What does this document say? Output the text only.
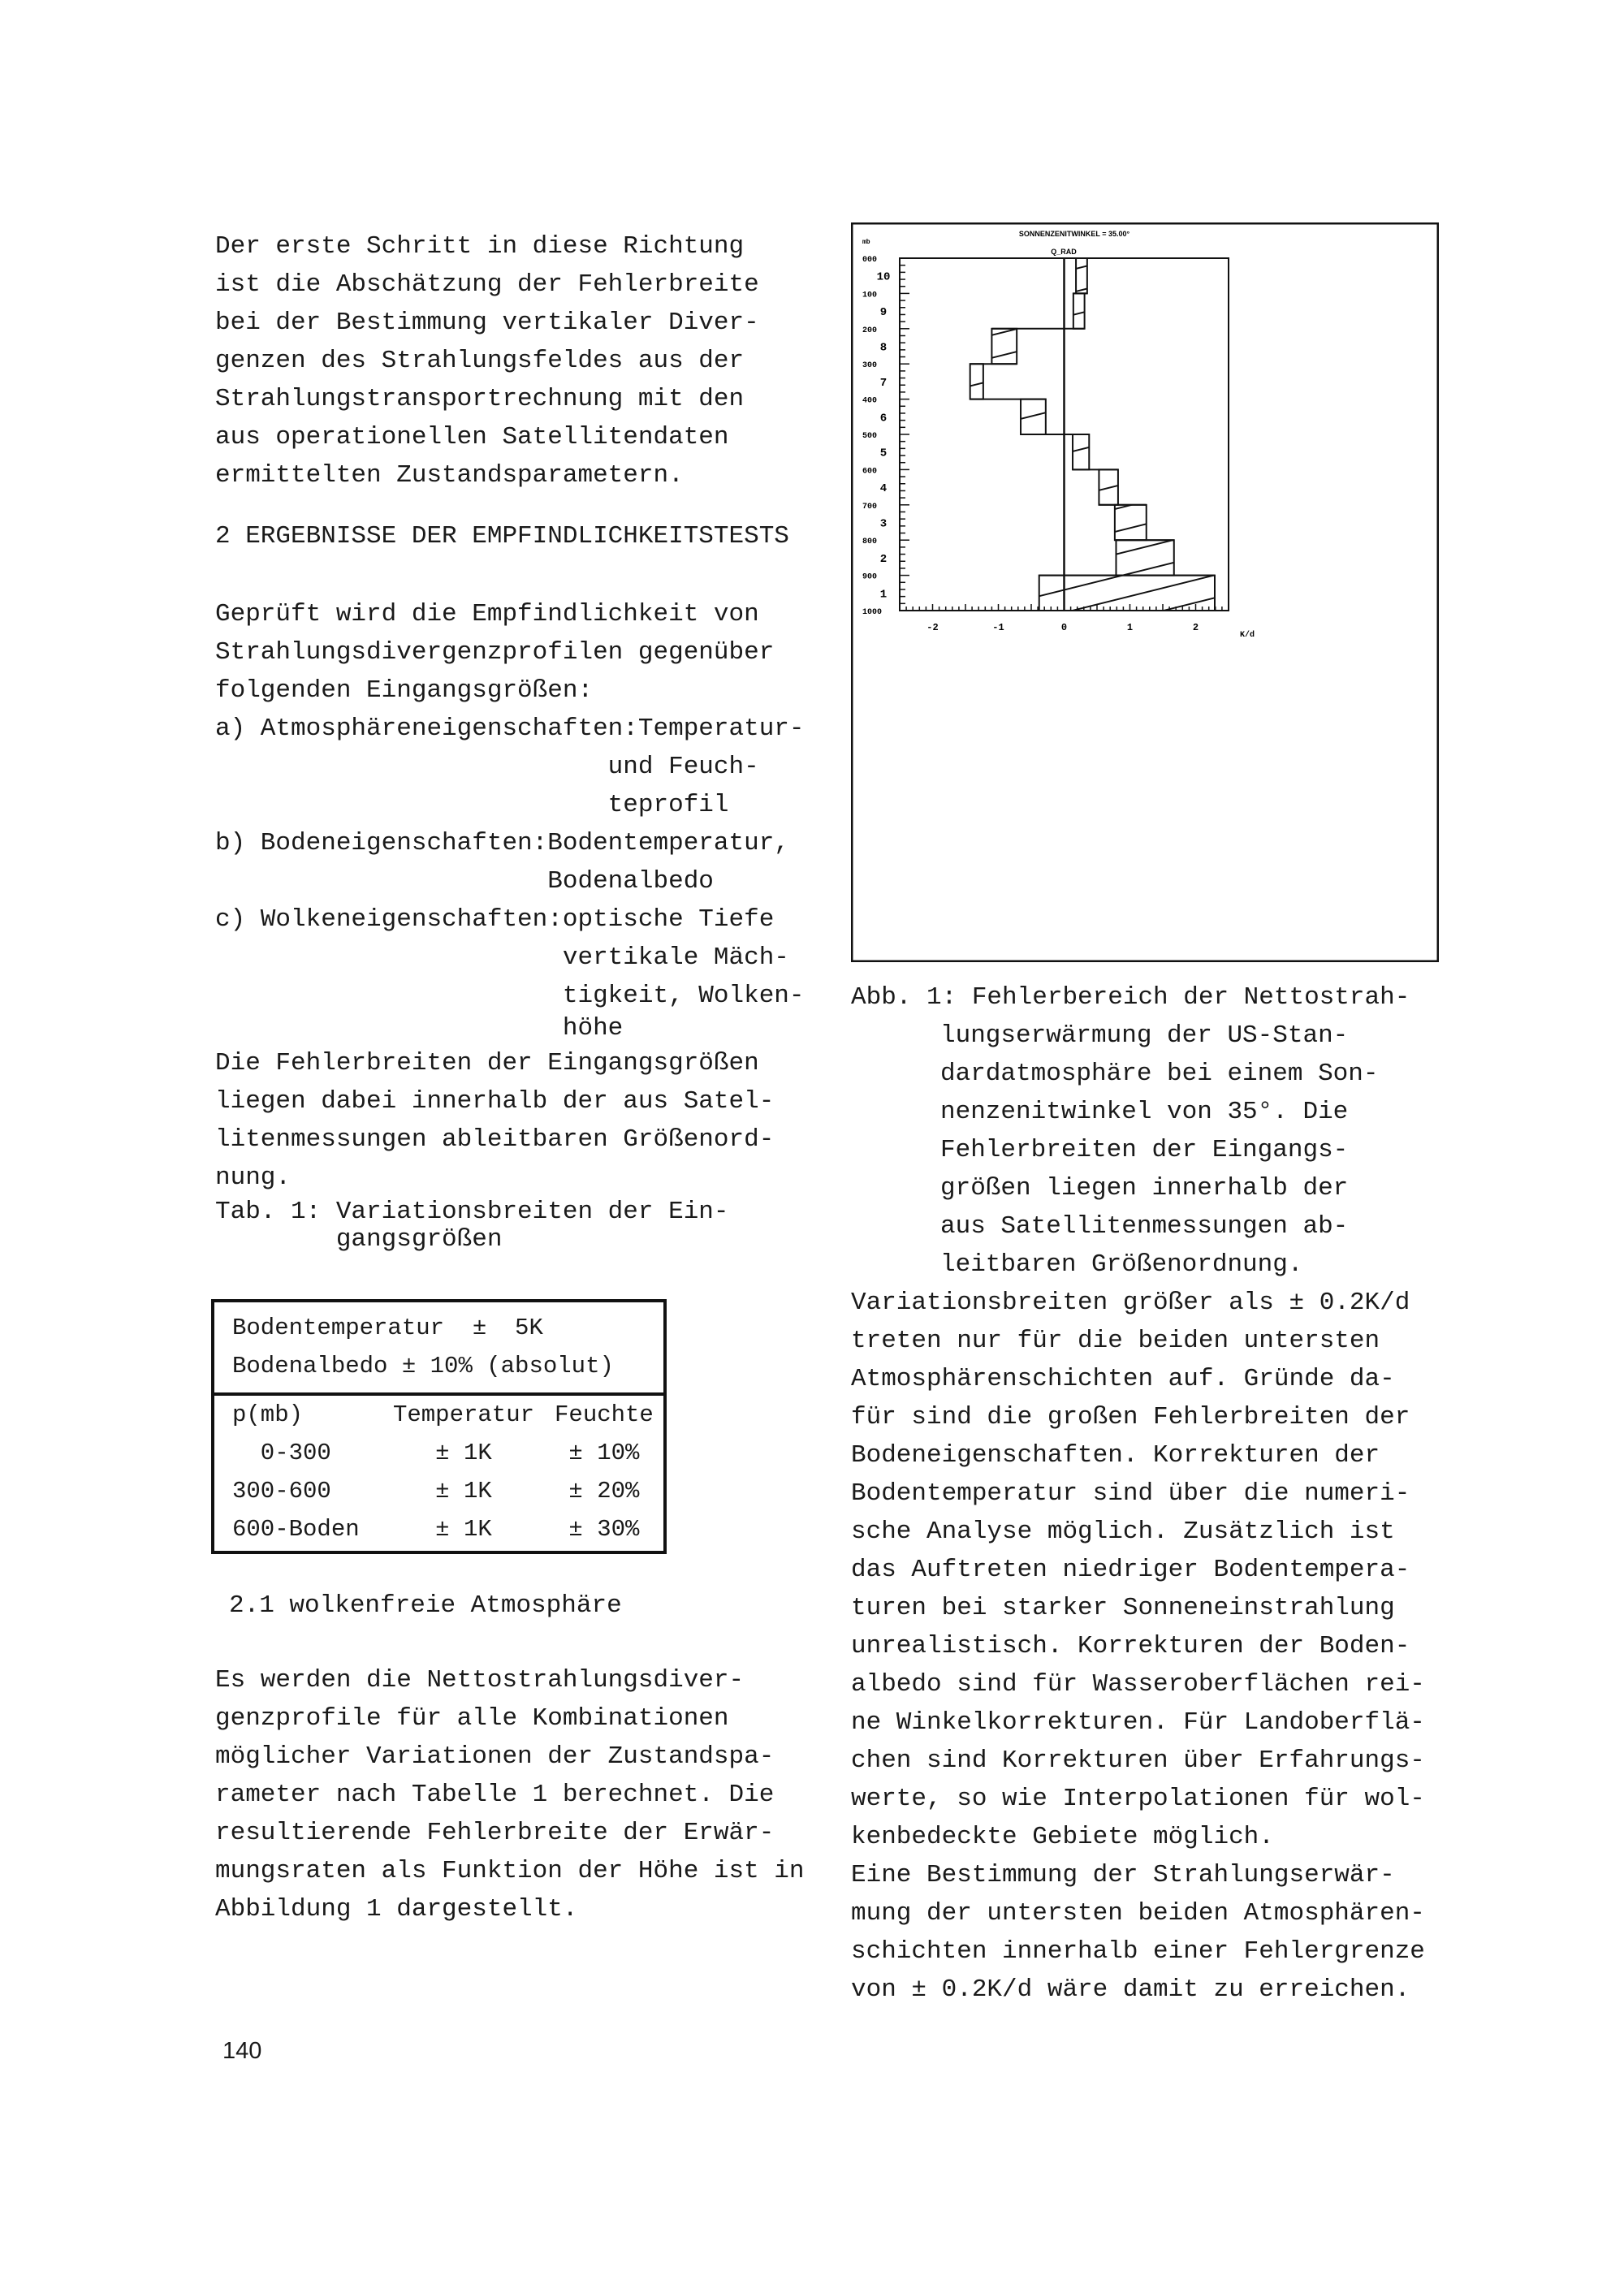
Der erste Schritt in diese Richtung
ist die Abschätzung der Fehlerbreite
bei der Bestimmung vertikaler Diver-
genzen des Strahlungsfeldes aus der
Strahlungstransportrechnung mit den
aus operationellen Satellitendaten
ermittelten Zustandsparametern.
2 ERGEBNISSE DER EMPFINDLICHKEITSTESTS
Geprüft wird die Empfindlichkeit von
Strahlungsdivergenzprofilen gegenüber
folgenden Eingangsgrößen:
a) Atmosphäreneigenschaften:Temperatur-
und Feuch-
teprofil
b) Bodeneigenschaften:Bodentemperatur,
Bodenalbedo
c) Wolkeneigenschaften:optische Tiefe
vertikale Mäch-
tigkeit, Wolken-
höhe
Die Fehlerbreiten der Eingangsgrößen
liegen dabei innerhalb der aus Satel-
litenmessungen ableitbaren Größenord-
nung.
Tab. 1: Variationsbreiten der Ein-
gangsgrößen
Bodentemperatur  ±  5K
Bodenalbedo ± 10% (absolut)
p(mb)	Temperatur Feuchte
0-300	± 1K	± 10%
300-600	± 1K	± 20%
600-Boden	± 1K	± 30%
2.1 wolkenfreie Atmosphäre
Es werden die Nettostrahlungsdiver-
genzprofile für alle Kombinationen
möglicher Variationen der Zustandspa-
rameter nach Tabelle 1 berechnet. Die
resultierende Fehlerbreite der Erwär-
mungsraten als Funktion der Höhe ist in
Abbildung 1 dargestellt.
140
000
100
200
300
400
500
600
700
800
900
1000
10
9
8
7
6
5
4
3
2
1
-2	-1	0	1	2
K/d
mb
SONNENZENITWINKEL = 35.00°
Q_RAD
Abb. 1: Fehlerbereich der Nettostrah-
lungserwärmung der US-Stan-
dardatmosphäre bei einem Son-
nenzenitwinkel von 35°. Die
Fehlerbreiten der Eingangs-
größen liegen innerhalb der
aus Satellitenmessungen ab-
leitbaren Größenordnung.
Variationsbreiten größer als ± 0.2K/d
treten nur für die beiden untersten
Atmosphärenschichten auf. Gründe da-
für sind die großen Fehlerbreiten der
Bodeneigenschaften. Korrekturen der
Bodentemperatur sind über die numeri-
sche Analyse möglich. Zusätzlich ist
das Auftreten niedriger Bodentempera-
turen bei starker Sonneneinstrahlung
unrealistisch. Korrekturen der Boden-
albedo sind für Wasseroberflächen rei-
ne Winkelkorrekturen. Für Landoberflä-
chen sind Korrekturen über Erfahrungs-
werte, so wie Interpolationen für wol-
kenbedeckte Gebiete möglich.
Eine Bestimmung der Strahlungserwär-
mung der untersten beiden Atmosphären-
schichten innerhalb einer Fehlergrenze
von ± 0.2K/d wäre damit zu erreichen.
